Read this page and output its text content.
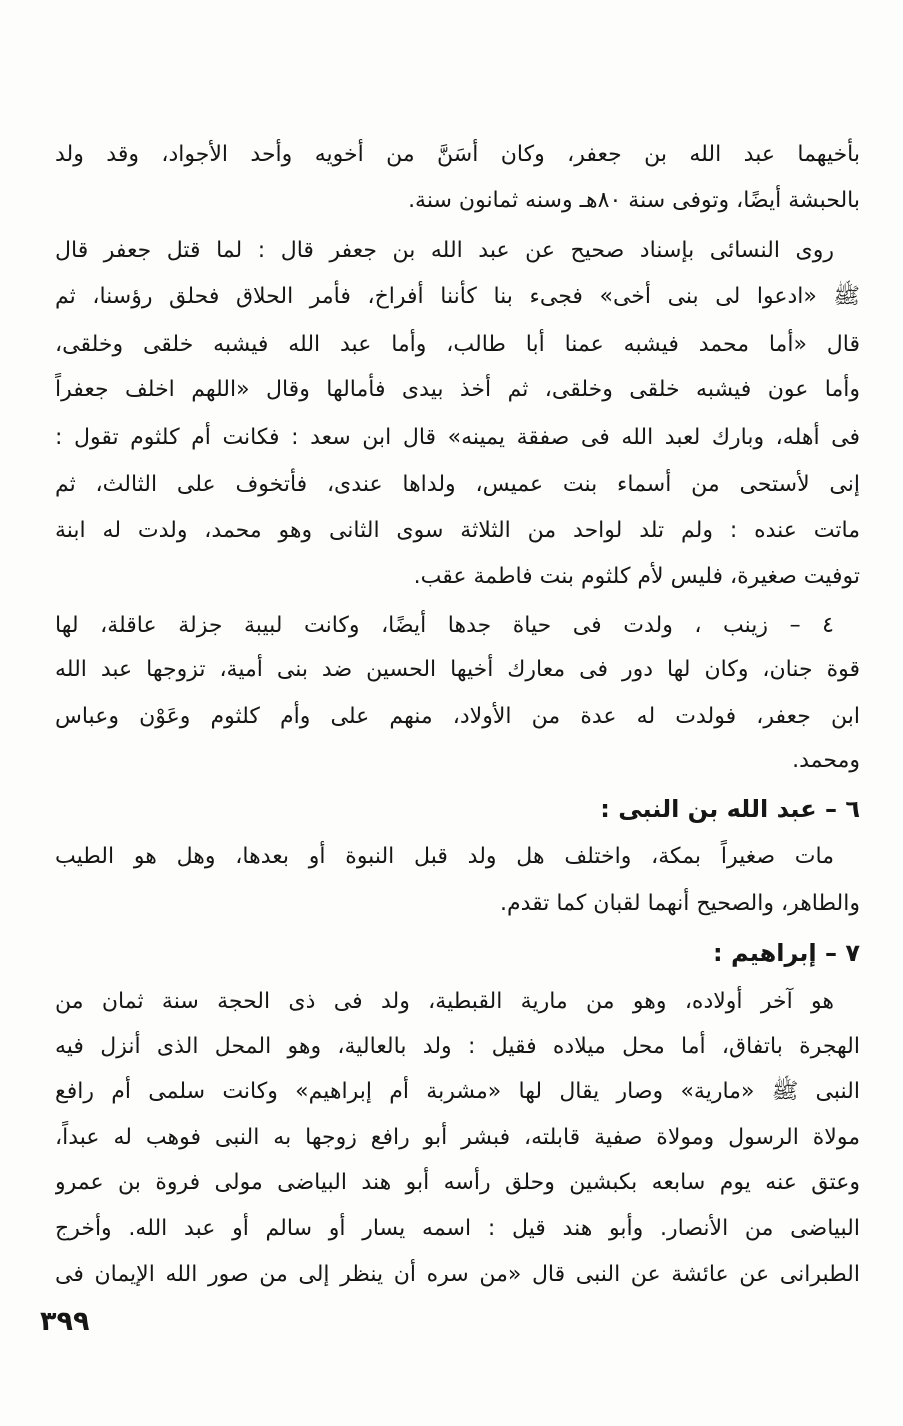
بأخيهما عبد الله بن جعفر، وكان أسَنَّ من أخويه وأحد الأجواد، وقد ولد
بالحبشة أيضًا، وتوفى سنة ٨٠هـ وسنه ثمانون سنة.
روى النسائى بإسناد صحيح عن عبد الله بن جعفر قال : لما قتل جعفر قال
ﷺ «ادعوا لى بنى أخى» فجىء بنا كأننا أفراخ، فأمر الحلاق فحلق رؤسنا، ثم
قال «أما محمد فيشبه عمنا أبا طالب، وأما عبد الله فيشبه خلقى وخلقى،
وأما عون فيشبه خلقى وخلقى، ثم أخذ بيدى فأمالها وقال «اللهم اخلف جعفراً
فى أهله، وبارك لعبد الله فى صفقة يمينه» قال ابن سعد : فكانت أم كلثوم تقول :
إنى لأستحى من أسماء بنت عميس، ولداها عندى، فأتخوف على الثالث، ثم
ماتت عنده : ولم تلد لواحد من الثلاثة سوى الثانى وهو محمد، ولدت له ابنة
توفيت صغيرة، فليس لأم كلثوم بنت فاطمة عقب.
٤ – زينب ، ولدت فى حياة جدها أيضًا، وكانت لبيبة جزلة عاقلة، لها
قوة جنان، وكان لها دور فى معارك أخيها الحسين ضد بنى أمية، تزوجها عبد الله
ابن جعفر، فولدت له عدة من الأولاد، منهم على وأم كلثوم وعَوْن وعباس
ومحمد.
٦ – عبد الله بن النبى :
مات صغيراً بمكة، واختلف هل ولد قبل النبوة أو بعدها، وهل هو الطيب
والطاهر، والصحيح أنهما لقبان كما تقدم.
٧ – إبراهيم :
هو آخر أولاده، وهو من مارية القبطية، ولد فى ذى الحجة سنة ثمان من
الهجرة باتفاق، أما محل ميلاده فقيل : ولد بالعالية، وهو المحل الذى أنزل فيه
النبى ﷺ «مارية» وصار يقال لها «مشربة أم إبراهيم» وكانت سلمى أم رافع
مولاة الرسول ومولاة صفية قابلته، فبشر أبو رافع زوجها به النبى فوهب له عبداً،
وعتق عنه يوم سابعه بكبشين وحلق رأسه أبو هند البياضى مولى فروة بن عمرو
البياضى من الأنصار. وأبو هند قيل : اسمه يسار أو سالم أو عبد الله. وأخرج
الطبرانى عن عائشة عن النبى قال «من سره أن ينظر إلى من صور الله الإيمان فى
٣٩٩
